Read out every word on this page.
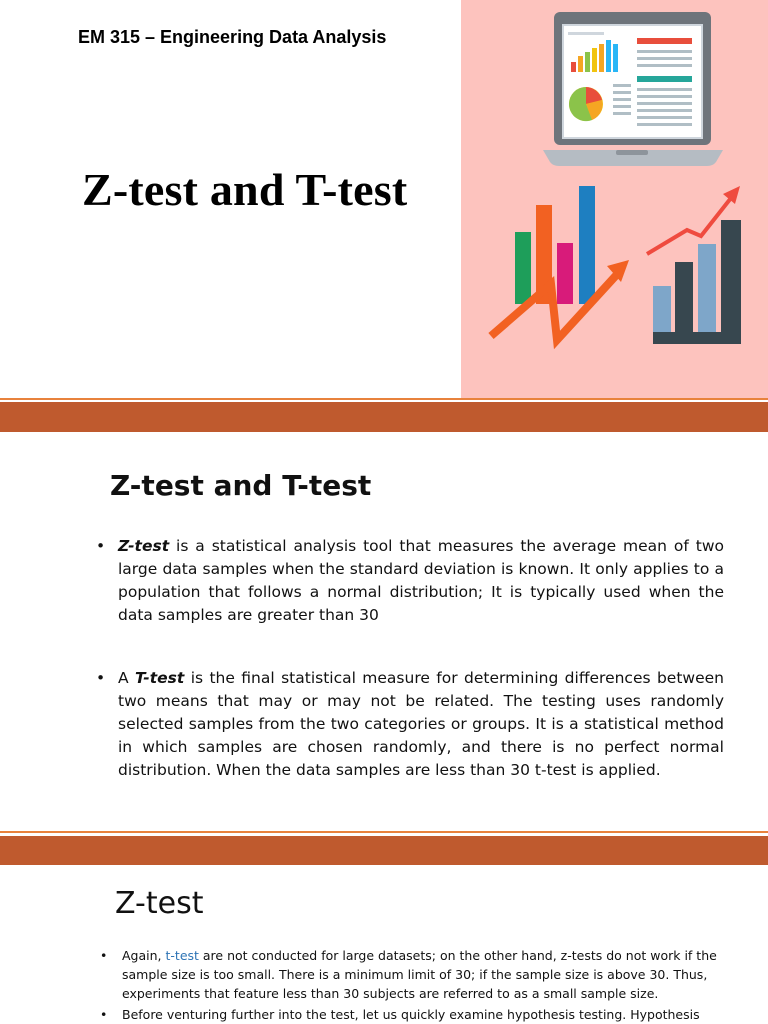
EM 315 – Engineering Data Analysis
Z-test and T-test
Z-test and T-test
• Z-test is a statistical analysis tool that measures the average mean of two large data samples when the standard deviation is known. It only applies to a population that follows a normal distribution; It is typically used when the data samples are greater than 30
• A T-test is the final statistical measure for determining differences between two means that may or may not be related. The testing uses randomly selected samples from the two categories or groups. It is a statistical method in which samples are chosen randomly, and there is no perfect normal distribution. When the data samples are less than 30 t-test is applied.
Z-test
•	Again, t-test are not conducted for large datasets; on the other hand, z-tests do not work if the sample size is too small. There is a minimum limit of 30; if the sample size is above 30. Thus, experiments that feature less than 30 subjects are referred to as a small sample size.
•	Before venturing further into the test, let us quickly examine hypothesis testing. Hypothesis
